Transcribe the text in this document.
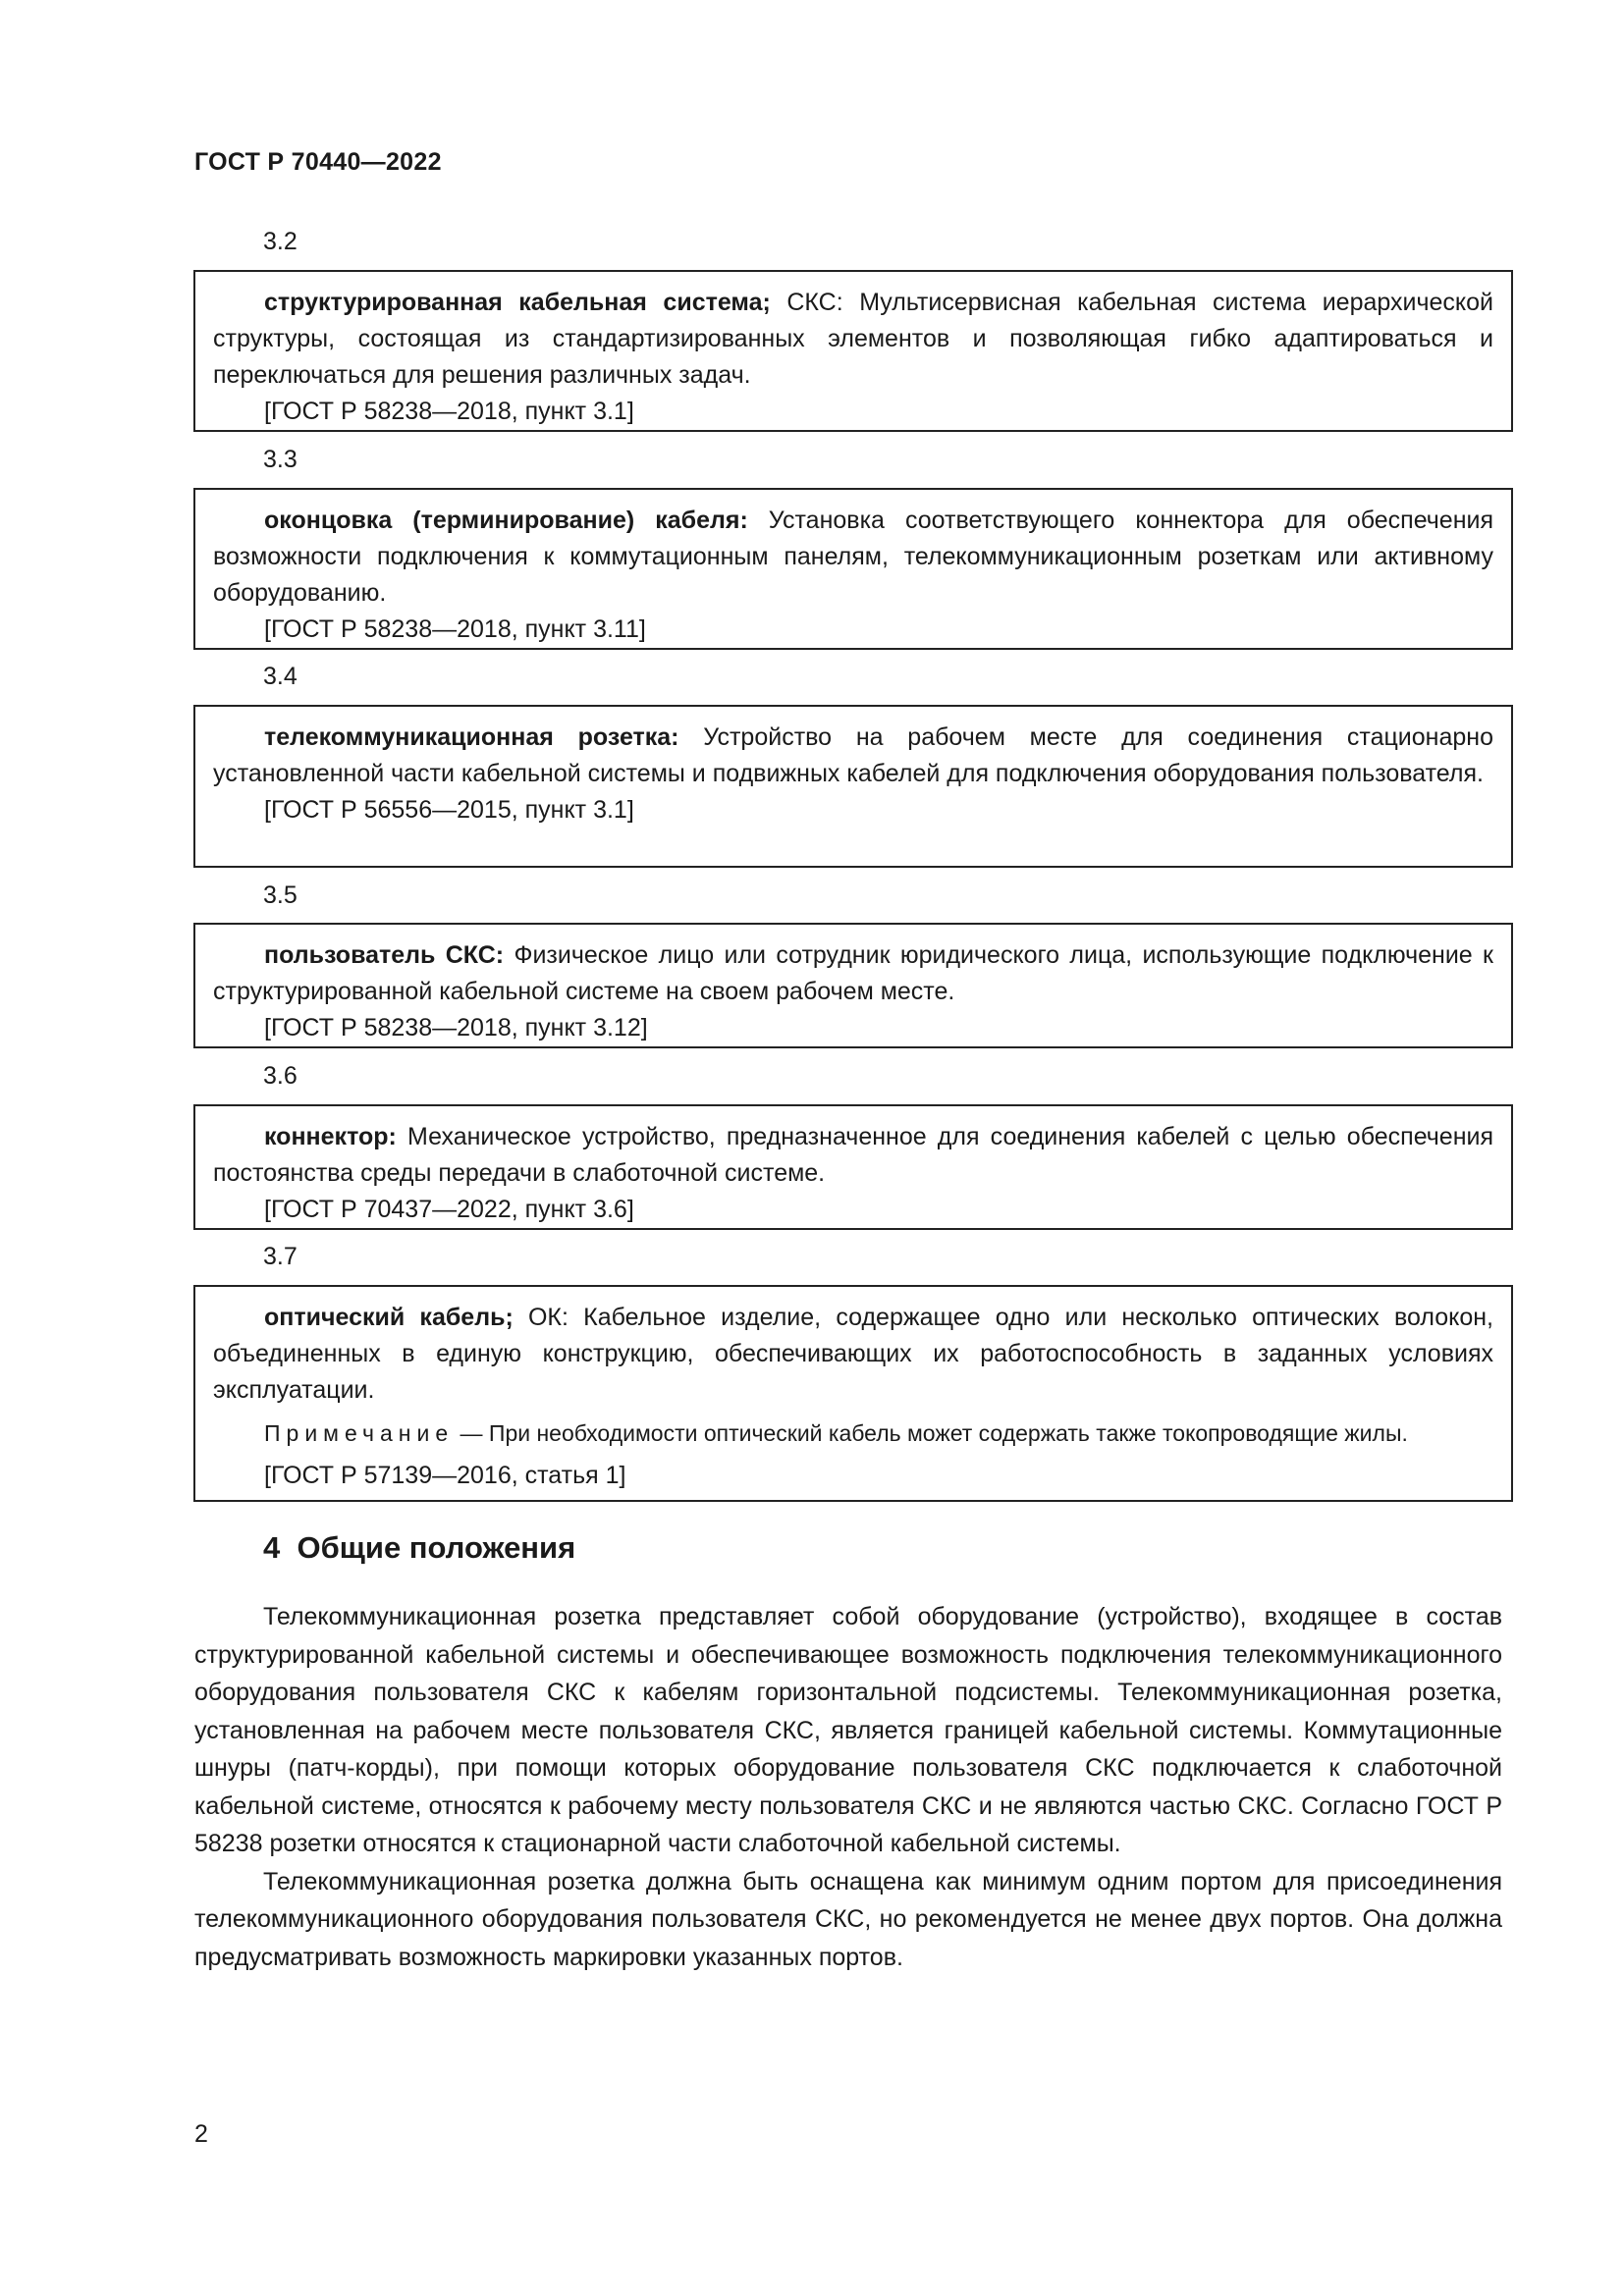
ГОСТ Р 70440—2022
3.2

структурированная кабельная система; СКС: Мультисервисная кабельная система иерархической структуры, состоящая из стандартизированных элементов и позволяющая гибко адаптироваться и переключаться для решения различных задач.

[ГОСТ Р 58238—2018, пункт 3.1]

3.3

оконцовка (терминирование) кабеля: Установка соответствующего коннектора для обеспечения возможности подключения к коммутационным панелям, телекоммуникационным розеткам или активному оборудованию.

[ГОСТ Р 58238—2018, пункт 3.11]

3.4

телекоммуникационная розетка: Устройство на рабочем месте для соединения стационарно установленной части кабельной системы и подвижных кабелей для подключения оборудования пользователя.

[ГОСТ Р 56556—2015, пункт 3.1]

3.5

пользователь СКС: Физическое лицо или сотрудник юридического лица, использующие подключение к структурированной кабельной системе на своем рабочем месте.

[ГОСТ Р 58238—2018, пункт 3.12]

3.6

коннектор: Механическое устройство, предназначенное для соединения кабелей с целью обеспечения постоянства среды передачи в слаботочной системе.

[ГОСТ Р 70437—2022, пункт 3.6]

3.7

оптический кабель; ОК: Кабельное изделие, содержащее одно или несколько оптических волокон, объединенных в единую конструкцию, обеспечивающих их работоспособность в заданных условиях эксплуатации.

Примечание — При необходимости оптический кабель может содержать также токопроводящие жилы.

[ГОСТ Р 57139—2016, статья 1]

4  Общие положения

Телекоммуникационная розетка представляет собой оборудование (устройство), входящее в состав структурированной кабельной системы и обеспечивающее возможность подключения телекоммуникационного оборудования пользователя СКС к кабелям горизонтальной подсистемы. Телекоммуникационная розетка, установленная на рабочем месте пользователя СКС, является границей кабельной системы. Коммутационные шнуры (патч-корды), при помощи которых оборудование пользователя СКС подключается к слаботочной кабельной системе, относятся к рабочему месту пользователя СКС и не являются частью СКС. Согласно ГОСТ Р 58238 розетки относятся к стационарной части слаботочной кабельной системы.

Телекоммуникационная розетка должна быть оснащена как минимум одним портом для присоединения телекоммуникационного оборудования пользователя СКС, но рекомендуется не менее двух портов. Она должна предусматривать возможность маркировки указанных портов.

2
